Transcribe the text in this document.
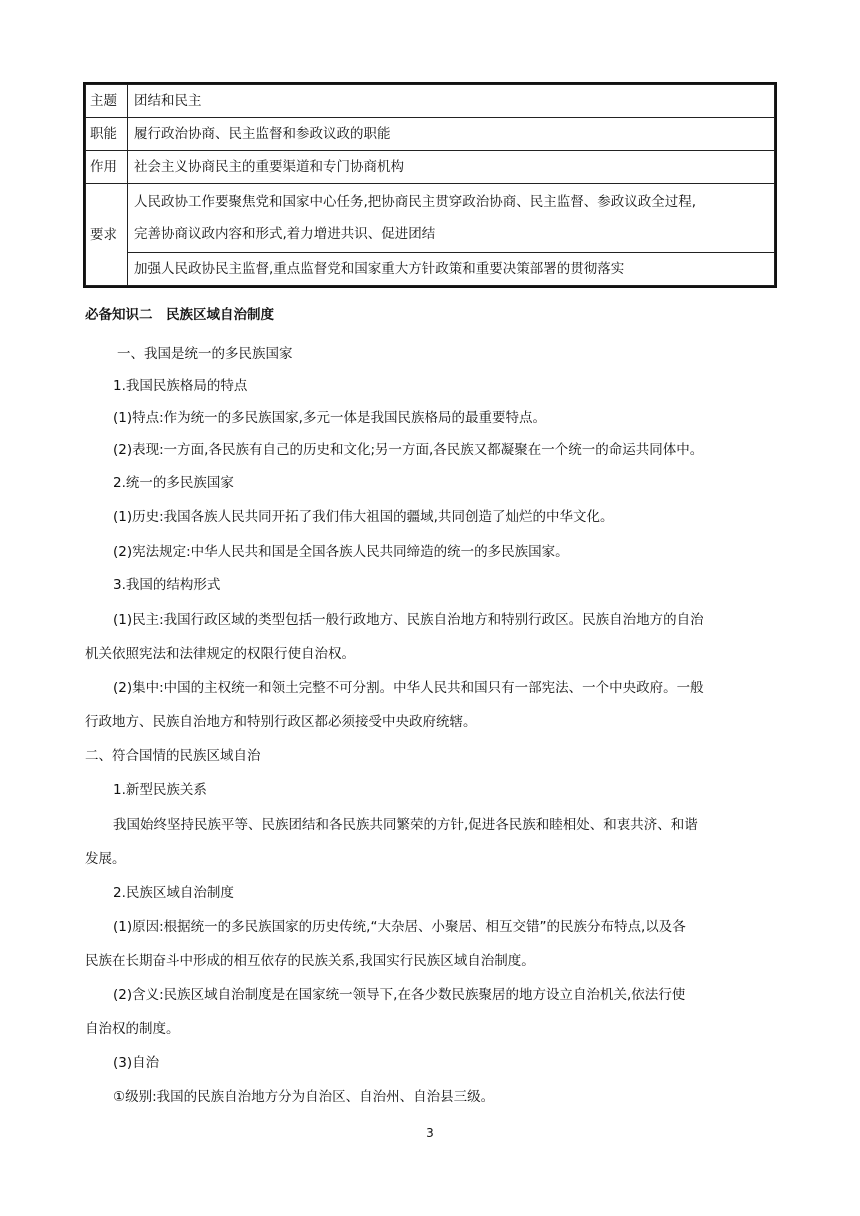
主题	团结和民主
职能	履行政治协商、民主监督和参政议政的职能
作用	社会主义协商民主的重要渠道和专门协商机构
要求	人民政协工作要聚焦党和国家中心任务,把协商民主贯穿政治协商、民主监督、参政议政全过程,
完善协商议政内容和形式,着力增进共识、促进团结

	加强人民政协民主监督,重点监督党和国家重大方针政策和重要决策部署的贯彻落实
必备知识二　民族区域自治制度
一、我国是统一的多民族国家
1.我国民族格局的特点
(1)特点:作为统一的多民族国家,多元一体是我国民族格局的最重要特点。
(2)表现:一方面,各民族有自己的历史和文化;另一方面,各民族又都凝聚在一个统一的命运共同体中。
2.统一的多民族国家
(1)历史:我国各族人民共同开拓了我们伟大祖国的疆域,共同创造了灿烂的中华文化。
(2)宪法规定:中华人民共和国是全国各族人民共同缔造的统一的多民族国家。
3.我国的结构形式
(1)民主:我国行政区域的类型包括一般行政地方、民族自治地方和特别行政区。民族自治地方的自治
机关依照宪法和法律规定的权限行使自治权。
(2)集中:中国的主权统一和领土完整不可分割。中华人民共和国只有一部宪法、一个中央政府。一般
行政地方、民族自治地方和特别行政区都必须接受中央政府统辖。
二、符合国情的民族区域自治
1.新型民族关系
我国始终坚持民族平等、民族团结和各民族共同繁荣的方针,促进各民族和睦相处、和衷共济、和谐
发展。
2.民族区域自治制度
(1)原因:根据统一的多民族国家的历史传统,“大杂居、小聚居、相互交错”的民族分布特点,以及各
民族在长期奋斗中形成的相互依存的民族关系,我国实行民族区域自治制度。
(2)含义:民族区域自治制度是在国家统一领导下,在各少数民族聚居的地方设立自治机关,依法行使
自治权的制度。
(3)自治
①级别:我国的民族自治地方分为自治区、自治州、自治县三级。
3
